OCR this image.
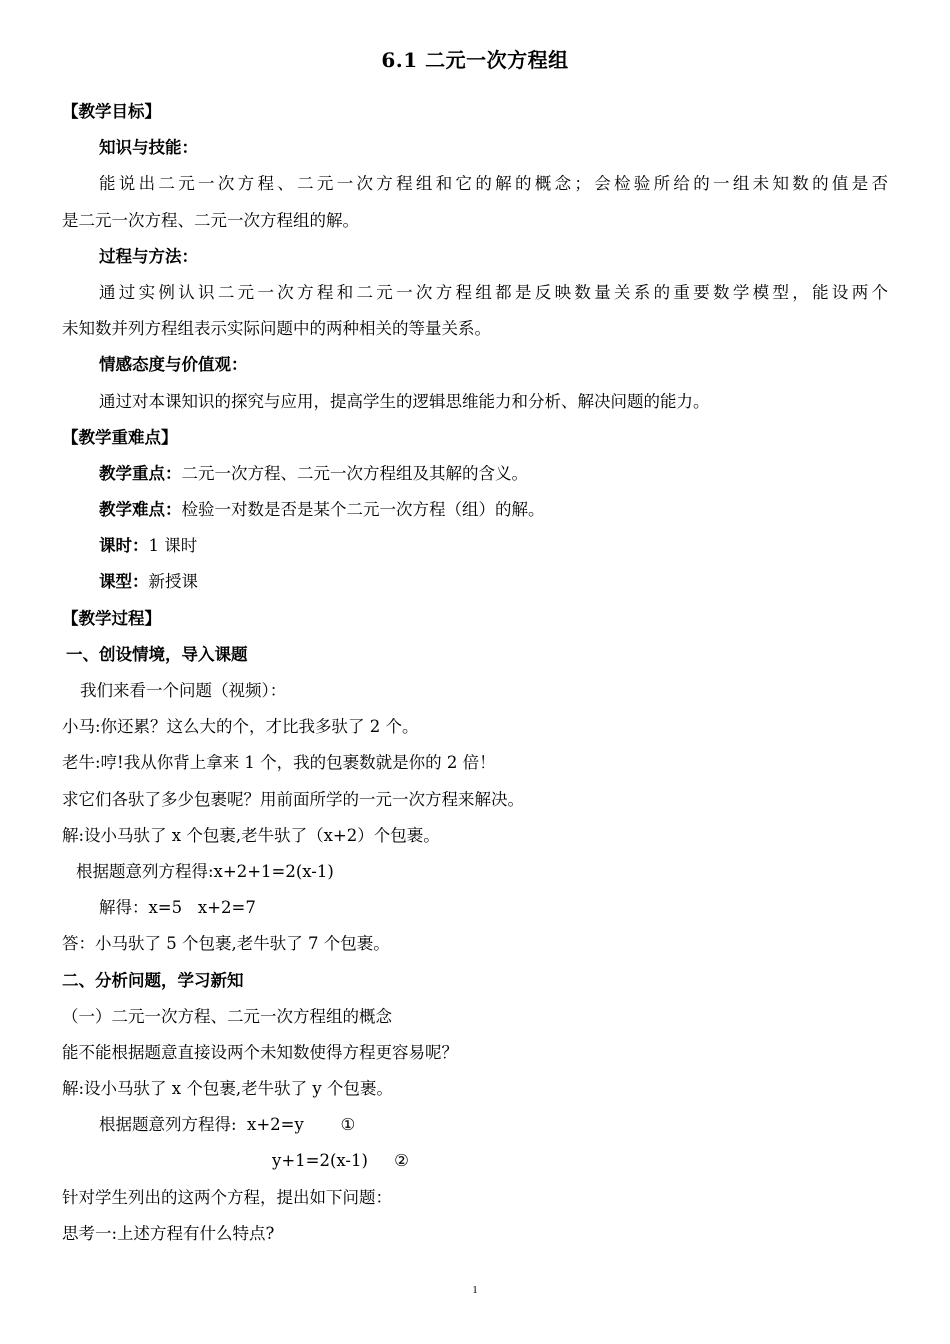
6.1 二元一次方程组
【教学目标】
知识与技能：
能说出二元一次方程、二元一次方程组和它的解的概念；会检验所给的一组未知数的值是否
是二元一次方程、二元一次方程组的解。
过程与方法：
通过实例认识二元一次方程和二元一次方程组都是反映数量关系的重要数学模型，能设两个
未知数并列方程组表示实际问题中的两种相关的等量关系。
情感态度与价值观：
通过对本课知识的探究与应用，提高学生的逻辑思维能力和分析、解决问题的能力。
【教学重难点】
教学重点：二元一次方程、二元一次方程组及其解的含义。
教学难点：检验一对数是否是某个二元一次方程（组）的解。
课时：1 课时
课型：新授课
【教学过程】
一、创设情境，导入课题
我们来看一个问题（视频）：
小马:你还累？这么大的个，才比我多驮了 2 个。
老牛:哼!我从你背上拿来 1 个，我的包裹数就是你的 2 倍！
求它们各驮了多少包裹呢？用前面所学的一元一次方程来解决。
解:设小马驮了 x 个包裹,老牛驮了（x+2）个包裹。
根据题意列方程得:x+2+1=2(x-1)
解得：x=5   x+2=7
答：小马驮了 5 个包裹,老牛驮了 7 个包裹。
二、分析问题，学习新知
（一）二元一次方程、二元一次方程组的概念
能不能根据题意直接设两个未知数使得方程更容易呢？
解:设小马驮了 x 个包裹,老牛驮了 y 个包裹。
根据题意列方程得:  x+2=y       ①
y+1=2(x-1)     ②
针对学生列出的这两个方程，提出如下问题：
思考一:上述方程有什么特点?
1
